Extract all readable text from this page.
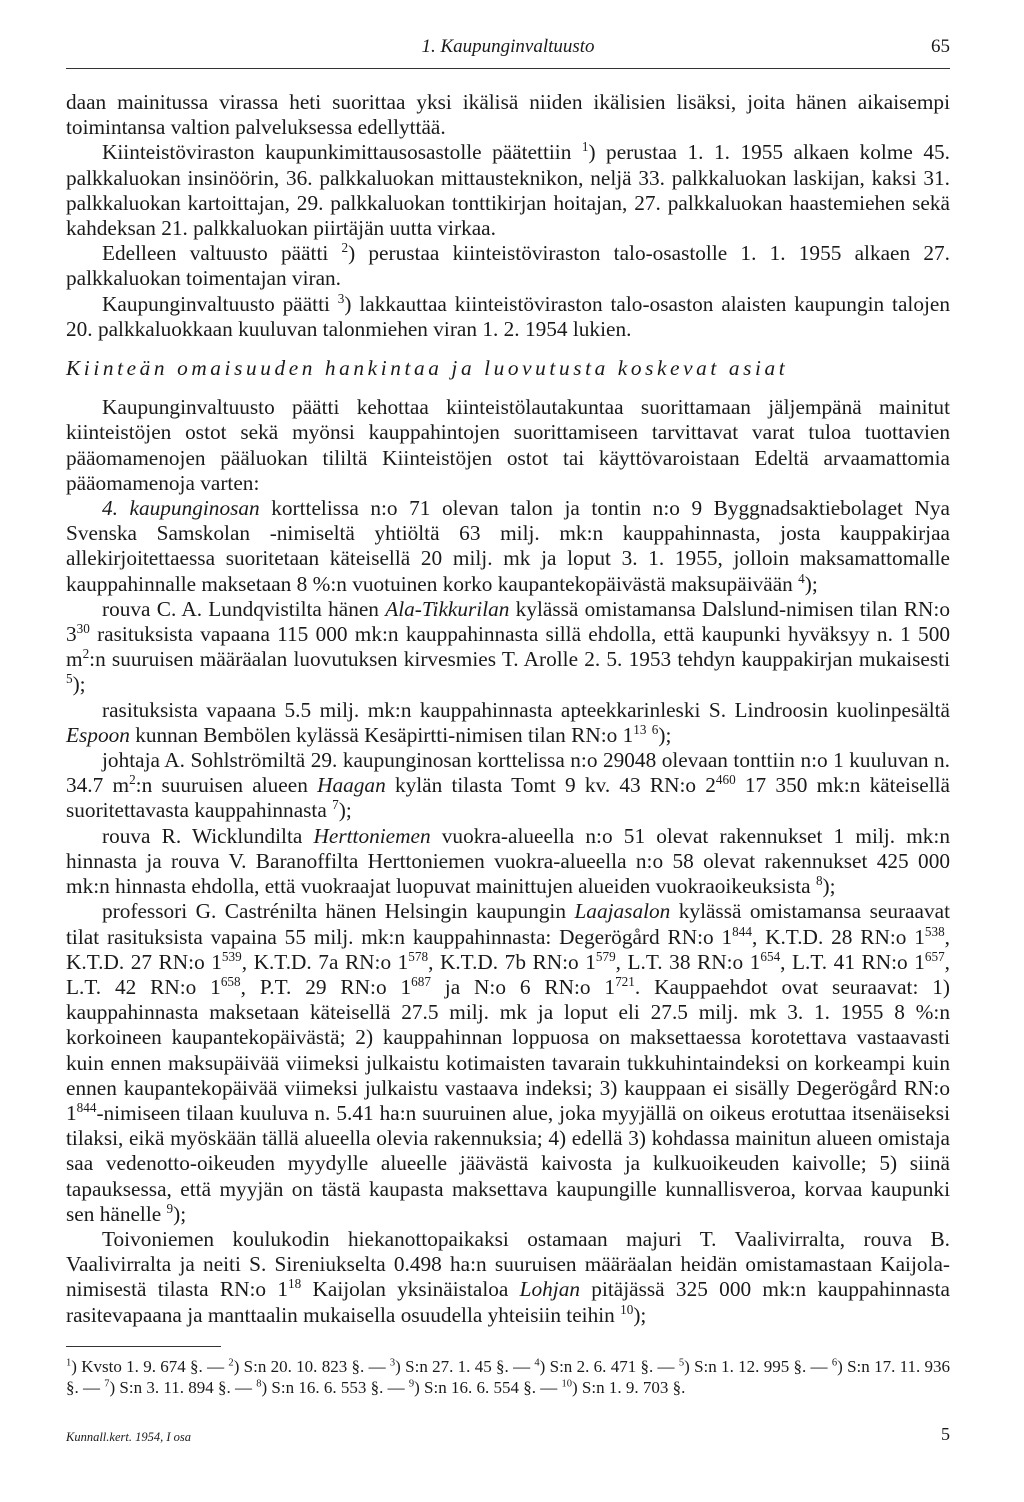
1. Kaupunginvaltuusto	65

daan mainitussa virassa heti suorittaa yksi ikälisä niiden ikälisien lisäksi, joita hänen aikaisempi toimintansa valtion palveluksessa edellyttää.

Kiinteistöviraston kaupunkimittausosastolle päätettiin $^1$) perustaa 1. 1. 1955 alkaen kolme 45. palkkaluokan insinöörin, 36. palkkaluokan mittausteknikon, neljä 33. palkkaluokan laskijan, kaksi 31. palkkaluokan kartoittajan, 29. palkkaluokan tonttikirjan hoitajan, 27. palkkaluokan haastemiehen sekä kahdeksan 21. palkkaluokan piirtäjän uutta virkaa.

Edelleen valtuusto päätti $^2$) perustaa kiinteistöviraston talo-osastolle 1. 1. 1955 alkaen 27. palkkaluokan toimentajan viran.

Kaupunginvaltuusto päätti $^3$) lakkauttaa kiinteistöviraston talo-osaston alaisten kaupungin talojen 20. palkkaluokkaan kuuluvan talonmiehen viran 1. 2. 1954 lukien.

Kiinteän omaisuuden hankintaa ja luovutusta koskevat asiat

Kaupunginvaltuusto päätti kehottaa kiinteistölautakuntaa suorittamaan jäljempänä mainitut kiinteistöjen ostot sekä myönsi kauppahintojen suorittamiseen tarvittavat varat tuloa tuottavien pääomamenojen pääluokan tililtä Kiinteistöjen ostot tai käyttövaroistaan Edeltä arvaamattomia pääomamenoja varten:

4. kaupunginosan korttelissa n:o 71 olevan talon ja tontin n:o 9 Byggnadsaktiebolaget Nya Svenska Samskolan -nimiseltä yhtiöltä 63 milj. mk:n kauppahinnasta, josta kauppakirjaa allekirjoitettaessa suoritetaan käteisellä 20 milj. mk ja loput 3. 1. 1955, jolloin maksamattomalle kauppahinnalle maksetaan 8 %:n vuotuinen korko kaupantekopäivästä maksupäivään $^4$);

rouva C. A. Lundqvistilta hänen Ala-Tikkurilan kylässä omistamansa Dalslund-nimisen tilan RN:o $3^{30}$ rasituksista vapaana 115 000 mk:n kauppahinnasta sillä ehdolla, että kaupunki hyväksyy n. 1 500 $m^2:n$ suuruisen määräalan luovutuksen kirvesmies T. Arolle 2. 5. 1953 tehdyn kauppakirjan mukaisesti $^5$);

rasituksista vapaana 5.5 milj. mk:n kauppahinnasta apteekkarinleski S. Lindroosin kuolinpesältä Espoon kunnan Bembölen kylässä Kesäpirtti-nimisen tilan RN:o $1^{13}$ $^6$);

johtaja A. Sohlströmiltä 29. kaupunginosan korttelissa n:o 29048 olevaan tonttiin n:o 1 kuuluvan n. 34.7 $m^2:n$ suuruisen alueen Haagan kylän tilasta Tomt 9 kv. 43 RN:o $2^{460}$ 17 350 mk:n käteisellä suoritettavasta kauppahinnasta $^7$);

rouva R. Wicklundilta Herttoniemen vuokra-alueella n:o 51 olevat rakennukset 1 milj. mk:n hinnasta ja rouva V. Baranoffilta Herttoniemen vuokra-alueella n:o 58 olevat rakennukset 425 000 mk:n hinnasta ehdolla, että vuokraajat luopuvat mainittujen alueiden vuokraoikeuksista $^8$);

professori G. Castrénilta hänen Helsingin kaupungin Laajasalon kylässä omistamansa seuraavat tilat rasituksista vapaina 55 milj. mk:n kauppahinnasta: Degerögård RN:o $1^{844}$, K.T.D. 28 RN:o $1^{538}$, K.T.D. 27 RN:o $1^{539}$, K.T.D. 7a RN:o $1^{578}$, K.T.D. 7b RN:o $1^{579}$, L.T. 38 RN:o $1^{654}$, L.T. 41 RN:o $1^{657}$, L.T. 42 RN:o $1^{658}$, P.T. 29 RN:o $1^{687}$ ja N:o 6 RN:o $1^{721}$. Kauppaehdot ovat seuraavat: 1) kauppahinnasta maksetaan käteisellä 27.5 milj. mk ja loput eli 27.5 milj. mk 3. 1. 1955 8 %:n korkoineen kaupantekopäivästä; 2) kauppahinnan loppuosa on maksettaessa korotettava vastaavasti kuin ennen maksupäivää viimeksi julkaistu kotimaisten tavarain tukkuhintaindeksi on korkeampi kuin ennen kaupantekopäivää viimeksi julkaistu vastaava indeksi; 3) kauppaan ei sisälly Degerögård RN:o $1^{844}$-nimiseen tilaan kuuluva n. 5.41 ha:n suuruinen alue, joka myyjällä on oikeus erotuttaa itsenäiseksi tilaksi, eikä myöskään tällä alueella olevia rakennuksia; 4) edellä 3) kohdassa mainitun alueen omistaja saa vedenotto-oikeuden myydylle alueelle jäävästä kaivosta ja kulkuoikeuden kaivolle; 5) siinä tapauksessa, että myyjän on tästä kaupasta maksettava kaupungille kunnallisveroa, korvaa kaupunki sen hänelle $^9$);

Toivoniemen koulukodin hiekanottopaikaksi ostamaan majuri T. Vaalivirralta, rouva B. Vaalivirralta ja neiti S. Sireniukselta 0.498 ha:n suuruisen määräalan heidän omistamastaan Kaijola-nimisestä tilasta RN:o $1^{18}$ Kaijolan yksinäistaloa Lohjan pitäjässä 325 000 mk:n kauppahinnasta rasitevapaana ja manttaalin mukaisella osuudella yhteisiin teihin $^{10}$);

$^1$) Kvsto 1. 9. 674 §. — $^2$) S:n 20. 10. 823 §. — $^3$) S:n 27. 1. 45 §. — $^4$) S:n 2. 6. 471 §. — $^5$) S:n 1. 12. 995 §. — $^6$) S:n 17. 11. 936 §. — $^7$) S:n 3. 11. 894 §. — $^8$) S:n 16. 6. 553 §. — $^9$) S:n 16. 6. 554 §. — $^{10}$) S:n 1. 9. 703 §.
Kunnall.kert. 1954, I osa	5
